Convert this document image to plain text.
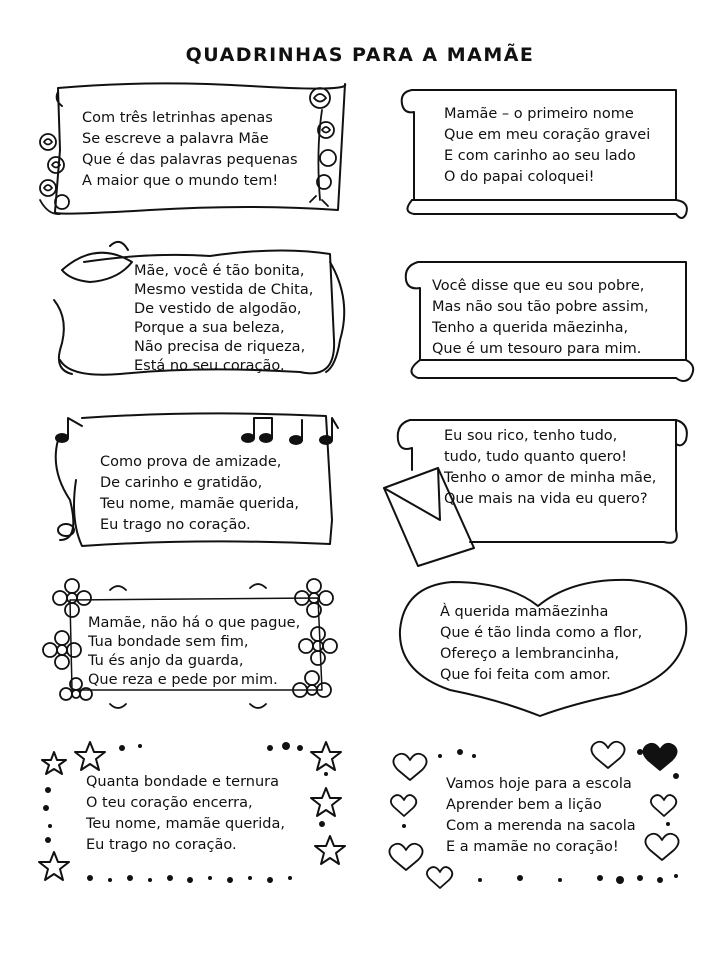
QUADRINHAS PARA A MAMÃE
Com três letrinhas apenas
Se escreve a palavra Mãe
Que é das palavras pequenas
A maior que o mundo tem!
Mamãe – o primeiro nome
Que em meu coração gravei
E com carinho ao seu lado
O do papai coloquei!
Mãe, você é tão bonita,
Mesmo vestida de Chita,
De vestido de algodão,
Porque a sua beleza,
Não precisa de riqueza,
Está no seu coração.
Você disse que eu sou pobre,
Mas não sou tão pobre assim,
Tenho a querida mãezinha,
Que é um tesouro para mim.
Como prova de amizade,
De carinho e gratidão,
Teu nome, mamãe querida,
Eu trago no coração.
Eu sou rico, tenho tudo,
tudo, tudo quanto quero!
Tenho o amor de minha mãe,
Que mais na vida eu quero?
Mamãe, não há o que pague,
Tua bondade sem fim,
Tu és anjo da guarda,
Que reza e pede por mim.
À querida mamãezinha
Que é tão linda como a flor,
Ofereço a lembrancinha,
Que foi feita com amor.
Quanta bondade e ternura
O teu coração encerra,
Teu nome, mamãe querida,
Eu trago no coração.
Vamos hoje para a escola
Aprender bem a lição
Com a merenda na sacola
E a mamãe no coração!
